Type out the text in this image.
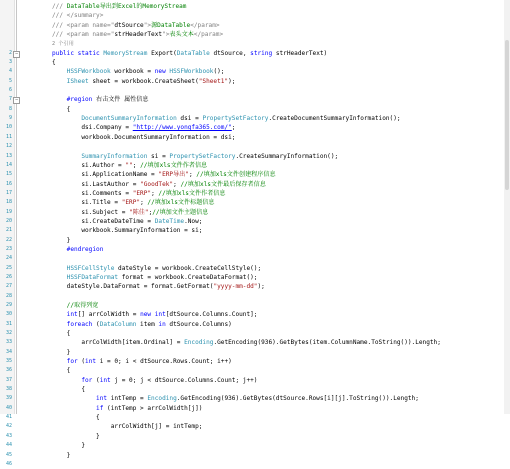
/// DataTable导出到Excel的MemoryStream
/// </summary>
/// <param name="dtSource">源DataTable</param>
/// <param name="strHeaderText">表头文本</param>
2 个引用
2 −	public static MemoryStream Export(DataTable dtSource, string strHeaderText)
3	{
4	HSSFWorkbook workbook = new HSSFWorkbook();
5	ISheet sheet = workbook.CreateSheet("Sheet1");
6
7 −	#region 右击文件 属性信息
8	{
9	DocumentSummaryInformation dsi = PropertySetFactory.CreateDocumentSummaryInformation();
10	dsi.Company = "http://www.yongfa365.com/";
11	workbook.DocumentSummaryInformation = dsi;
12
13	SummaryInformation si = PropertySetFactory.CreateSummaryInformation();
14	si.Author = ""; //填加xls文件作者信息
15	si.ApplicationName = "ERP导出"; //填加xls文件创建程序信息
16	si.LastAuthor = "GoodTek"; //填加xls文件最后保存者信息
17	si.Comments = "ERP"; //填加xls文件作者信息
18	si.Title = "ERP"; //填加xls文件标题信息
19	si.Subject = "陈佳";//填加文件主题信息
20	si.CreateDateTime = DateTime.Now;
21	workbook.SummaryInformation = si;
22	}
23	#endregion
24
25	HSSFCellStyle dateStyle = workbook.CreateCellStyle();
26	HSSFDataFormat format = workbook.CreateDataFormat();
27	dateStyle.DataFormat = format.GetFormat("yyyy-mm-dd");
28
29	//取得列宽
30	int[] arrColWidth = new int[dtSource.Columns.Count];
31	foreach (DataColumn item in dtSource.Columns)
32	{
33	arrColWidth[item.Ordinal] = Encoding.GetEncoding(936).GetBytes(item.ColumnName.ToString()).Length;
34	}
35	for (int i = 0; i < dtSource.Rows.Count; i++)
36	{
37	for (int j = 0; j < dtSource.Columns.Count; j++)
38	{
39	int intTemp = Encoding.GetEncoding(936).GetBytes(dtSource.Rows[i][j].ToString()).Length;
40	if (intTemp > arrColWidth[j])
41	{
42	arrColWidth[j] = intTemp;
43	}
44	}
45	}
46
